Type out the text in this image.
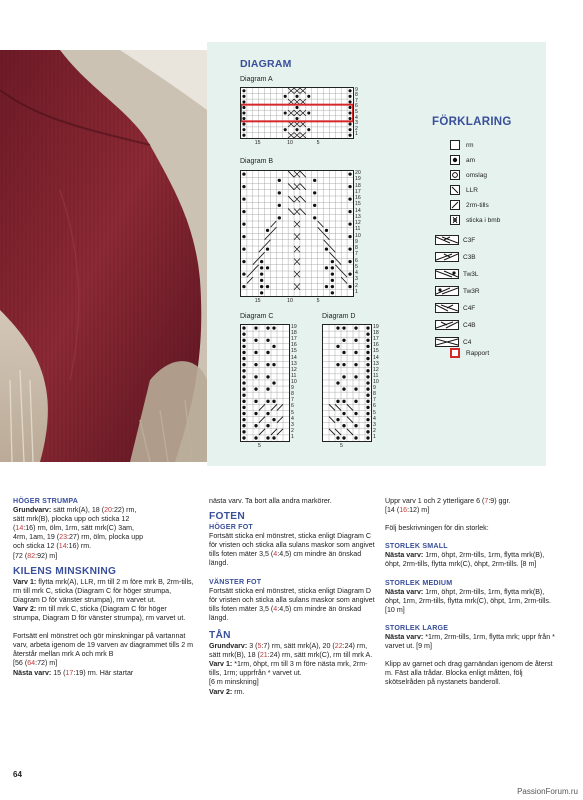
DIAGRAM
Diagram A
Diagram B
Diagram C	Diagram D
FÖRKLARING
rm
am
omslag
LLR
2rm-tills
sticka i bmb
C3F
C3B
Tw3L
Tw3R
C4F
C4B
C4
Rapport
9
8
7
6
5
4
3
2
1
15	10	5
20
19
18
17
16
15
14
13
12
11
10
9
8
7
6
5
4
3
2
1
15	10	5
19
18
17
16
15
14
13
12
11
10
9
8
7
6
5
4
3
2
1
5
19
18
17
16
15
14
13
12
11
10
9
8
7
6
5
4
3
2
1
5

HÖGER STRUMPA

Grundvarv: sätt mrk(A), 18 (20:22) rm,
sätt mrk(B), plocka upp och sticka 12
(14:16) rm, ölm, 1rm, sätt mrk(C) 3am,
4rm, 1am, 19 (23:27) rm, ölm, plocka upp
och sticka 12 (14:16) rm.
[72 (82:92) m]

KILENS MINSKNING

Varv 1: flytta mrk(A), LLR, rm till 2 m före mrk B, 2rm-tills, rm till mrk C, sticka (Diagram C för höger strumpa, Diagram D för vänster strumpa), rm varvet ut.

Varv 2: rm till mrk C, sticka (Diagram C för höger strumpa, Diagram D för vänster strumpa), rm varvet ut.

Fortsätt enl mönstret och gör minskningar på vartannat varv, arbeta igenom de 19 varven av diagrammet tills 2 m återstår mellan mrk A och mrk B

[56 (64:72) m]

Nästa varv: 15 (17:19) rm. Här startar

nästa varv. Ta bort alla andra markörer.

FOTEN

HÖGER FOT

Fortsätt sticka enl mönstret, sticka enligt Diagram C för vristen och sticka alla sulans maskor som angivet tills foten mäter 3,5 (4:4,5) cm mindre än önskad längd.

VÄNSTER FOT

Fortsätt sticka enl mönstret, sticka enligt Diagram D för vristen och sticka alla sulans maskor som angivet tills foten mäter 3,5 (4:4,5) cm mindre än önskad längd.

TÅN

Grundvarv: 3 (5:7) rm, sätt mrk(A), 20 (22:24) rm, sätt mrk(B), 18 (21:24) rm, sätt mrk(C), rm till mrk A.

Varv 1: *1rm, öhpt, rm till 3 m före nästa mrk, 2rm-tills, 1rm; upprfrån * varvet ut.
[6 m minskning]

Varv 2: rm.

Uppr varv 1 och 2 ytterligare 6 (7:9) ggr.
[14 (16:12) m]

Följ beskrivningen för din storlek:

STORLEK SMALL

Nästa varv: 1rm, öhpt, 2rm-tills, 1rm, flytta mrk(B), öhpt, 2rm-tills, flytta mrk(C), öhpt, 2rm-tills. [8 m]

STORLEK MEDIUM

Nästa varv: 1rm, öhpt, 2rm-tills, 1rm, flytta mrk(B), öhpt, 1rm, 2rm-tills, flytta mrk(C), öhpt, 1rm, 2rm-tills. [10 m]

STORLEK LARGE

Nästa varv: *1rm, 2rm-tills, 1rm, flytta mrk; uppr från * varvet ut. [9 m]

Klipp av garnet och drag garnändan igenom de återst m. Fäst alla trådar. Blocka enligt måtten, följ skötselråden på nystanets banderoll.

64
PassionForum.ru
